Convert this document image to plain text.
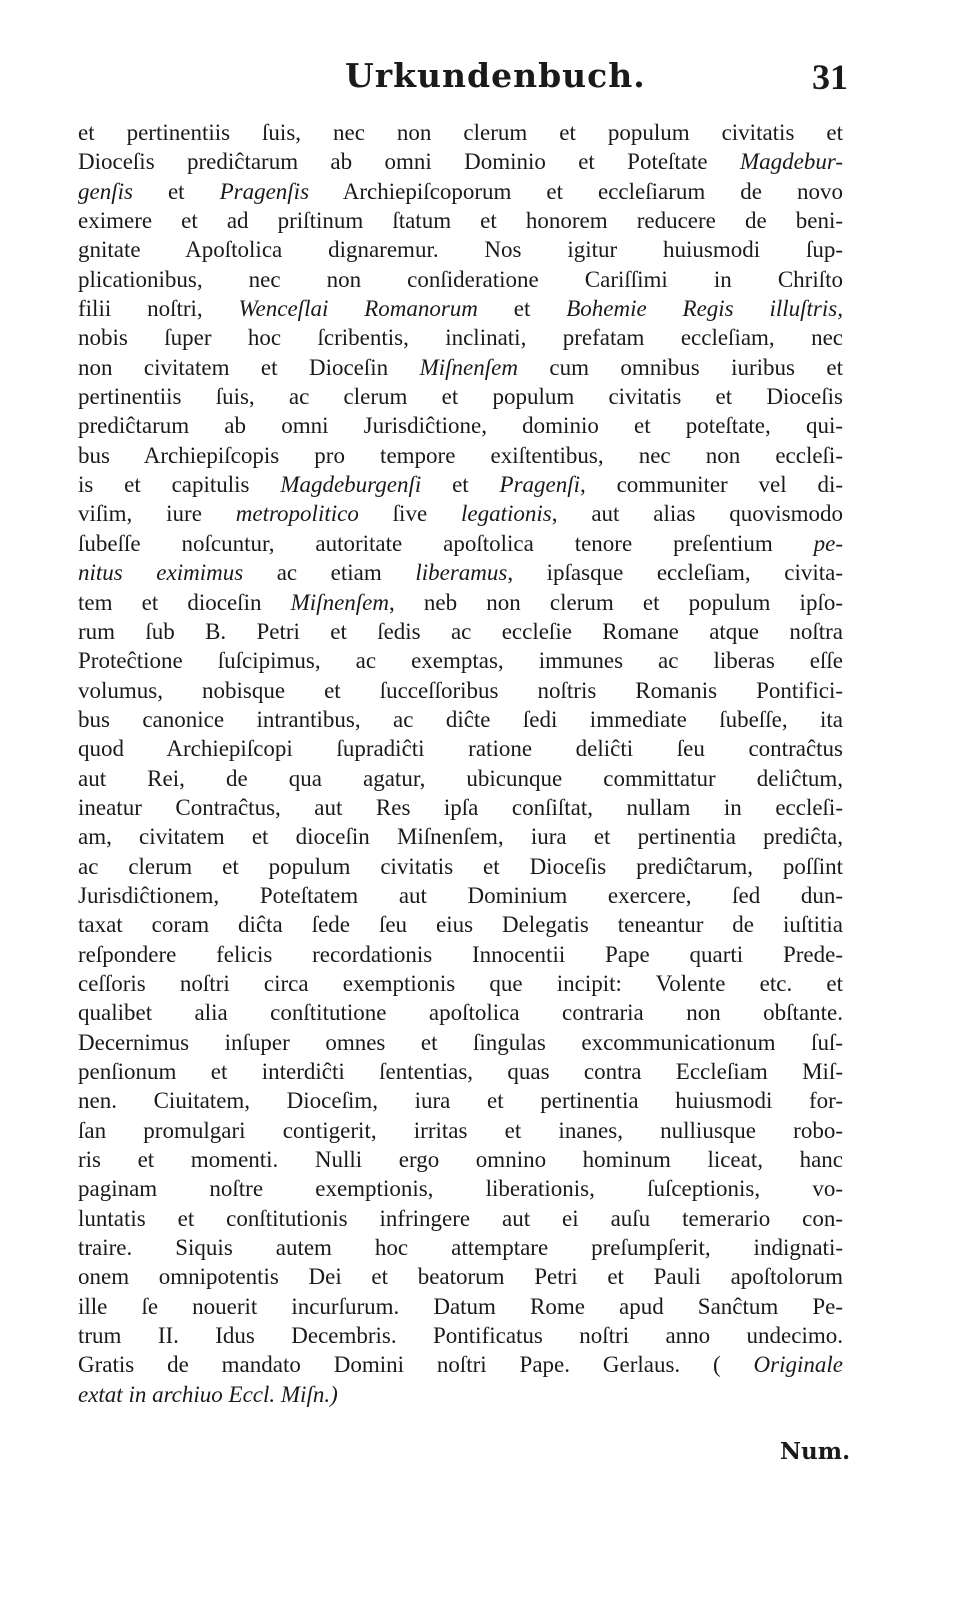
Urkundenbuch.	31
et pertinentiis ſuis, nec non clerum et populum civitatis et
Dioceſis prediĉtarum ab omni Dominio et Poteſtate Magdebur-
genſis et Pragenſis Archiepiſcoporum et eccleſiarum de novo
eximere et ad priſtinum ſtatum et honorem reducere de beni-
gnitate Apoſtolica dignaremur. Nos igitur huiusmodi ſup-
plicationibus, nec non conſideratione Cariſſimi in Chriſto
filii noſtri, Wenceſlai Romanorum et Bohemie Regis illuſtris,
nobis ſuper hoc ſcribentis, inclinati, prefatam eccleſiam, nec
non civitatem et Dioceſin Miſnenſem cum omnibus iuribus et
pertinentiis ſuis, ac clerum et populum civitatis et Dioceſis
prediĉtarum ab omni Jurisdiĉtione, dominio et poteſtate, qui-
bus Archiepiſcopis pro tempore exiſtentibus, nec non eccleſi-
is et capitulis Magdeburgenſi et Pragenſi, communiter vel di-
viſim, iure metropolitico ſive legationis, aut alias quovismodo
ſubeſſe noſcuntur, autoritate apoſtolica tenore preſentium pe-
nitus eximimus ac etiam liberamus, ipſasque eccleſiam, civita-
tem et dioceſin Miſnenſem, neb non clerum et populum ipſo-
rum ſub B. Petri et ſedis ac eccleſie Romane atque noſtra
Proteĉtione ſuſcipimus, ac exemptas, immunes ac liberas eſſe
volumus, nobisque et ſucceſſoribus noſtris Romanis Pontifici-
bus canonice intrantibus, ac diĉte ſedi immediate ſubeſſe, ita
quod Archiepiſcopi ſupradiĉti ratione deliĉti ſeu contraĉtus
aut Rei, de qua agatur, ubicunque committatur deliĉtum,
ineatur Contraĉtus, aut Res ipſa conſiſtat, nullam in eccleſi-
am, civitatem et dioceſin Miſnenſem, iura et pertinentia prediĉta,
ac clerum et populum civitatis et Dioceſis prediĉtarum, poſſint
Jurisdiĉtionem, Poteſtatem aut Dominium exercere, ſed dun-
taxat coram diĉta ſede ſeu eius Delegatis teneantur de iuſtitia
reſpondere felicis recordationis Innocentii Pape quarti Prede-
ceſſoris noſtri circa exemptionis que incipit: Volente etc. et
qualibet alia conſtitutione apoſtolica contraria non obſtante.
Decernimus inſuper omnes et ſingulas excommunicationum ſuſ-
penſionum et interdiĉti ſententias, quas contra Eccleſiam Miſ-
nen. Ciuitatem, Dioceſim, iura et pertinentia huiusmodi for-
ſan promulgari contigerit, irritas et inanes, nulliusque robo-
ris et momenti. Nulli ergo omnino hominum liceat, hanc
paginam noſtre exemptionis, liberationis, ſuſceptionis, vo-
luntatis et conſtitutionis infringere aut ei auſu temerario con-
traire. Siquis autem hoc attemptare preſumpſerit, indignati-
onem omnipotentis Dei et beatorum Petri et Pauli apoſtolorum
ille ſe nouerit incurſurum. Datum Rome apud Sanĉtum Pe-
trum II. Idus Decembris. Pontificatus noſtri anno undecimo.
Gratis de mandato Domini noſtri Pape. Gerlaus. ( Originale
extat in archiuo Eccl. Miſn.)
Num.
